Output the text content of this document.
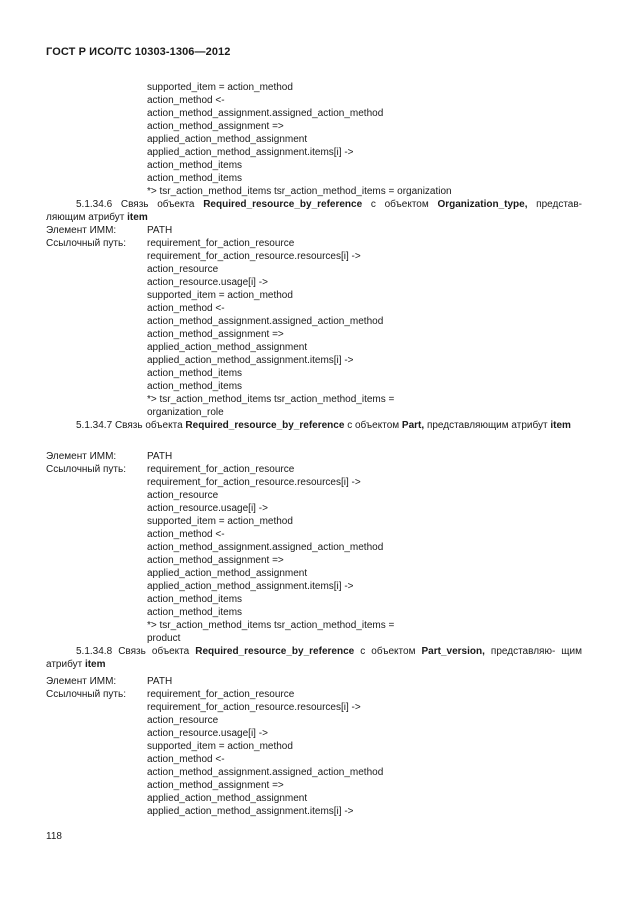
ГОСТ Р ИСО/ТС 10303-1306—2012
supported_item = action_method
action_method <-
action_method_assignment.assigned_action_method
action_method_assignment =>
applied_action_method_assignment
applied_action_method_assignment.items[i] ->
action_method_items
action_method_items
*> tsr_action_method_items tsr_action_method_items = organization
5.1.34.6 Связь объекта Required_resource_by_reference с объектом Organization_type, представ- ляющим атрибут item
Элемент ИММ:	PATH
Ссылочный путь: requirement_for_action_resource
requirement_for_action_resource.resources[i] ->
action_resource
action_resource.usage[i] ->
supported_item = action_method
action_method <-
action_method_assignment.assigned_action_method
action_method_assignment =>
applied_action_method_assignment
applied_action_method_assignment.items[i] ->
action_method_items
action_method_items
*> tsr_action_method_items tsr_action_method_items =
organization_role
5.1.34.7 Связь объекта Required_resource_by_reference с объектом Part, представляющим атрибут item
Элемент ИММ:	PATH
Ссылочный путь: requirement_for_action_resource
requirement_for_action_resource.resources[i] ->
action_resource
action_resource.usage[i] ->
supported_item = action_method
action_method <-
action_method_assignment.assigned_action_method
action_method_assignment =>
applied_action_method_assignment
applied_action_method_assignment.items[i] ->
action_method_items
action_method_items
*> tsr_action_method_items tsr_action_method_items =
product
5.1.34.8 Связь объекта Required_resource_by_reference с объектом Part_version, представляю- щим атрибут item
Элемент ИММ:	PATH
Ссылочный путь: requirement_for_action_resource
requirement_for_action_resource.resources[i] ->
action_resource
action_resource.usage[i] ->
supported_item = action_method
action_method <-
action_method_assignment.assigned_action_method
action_method_assignment =>
applied_action_method_assignment
applied_action_method_assignment.items[i] ->
118
